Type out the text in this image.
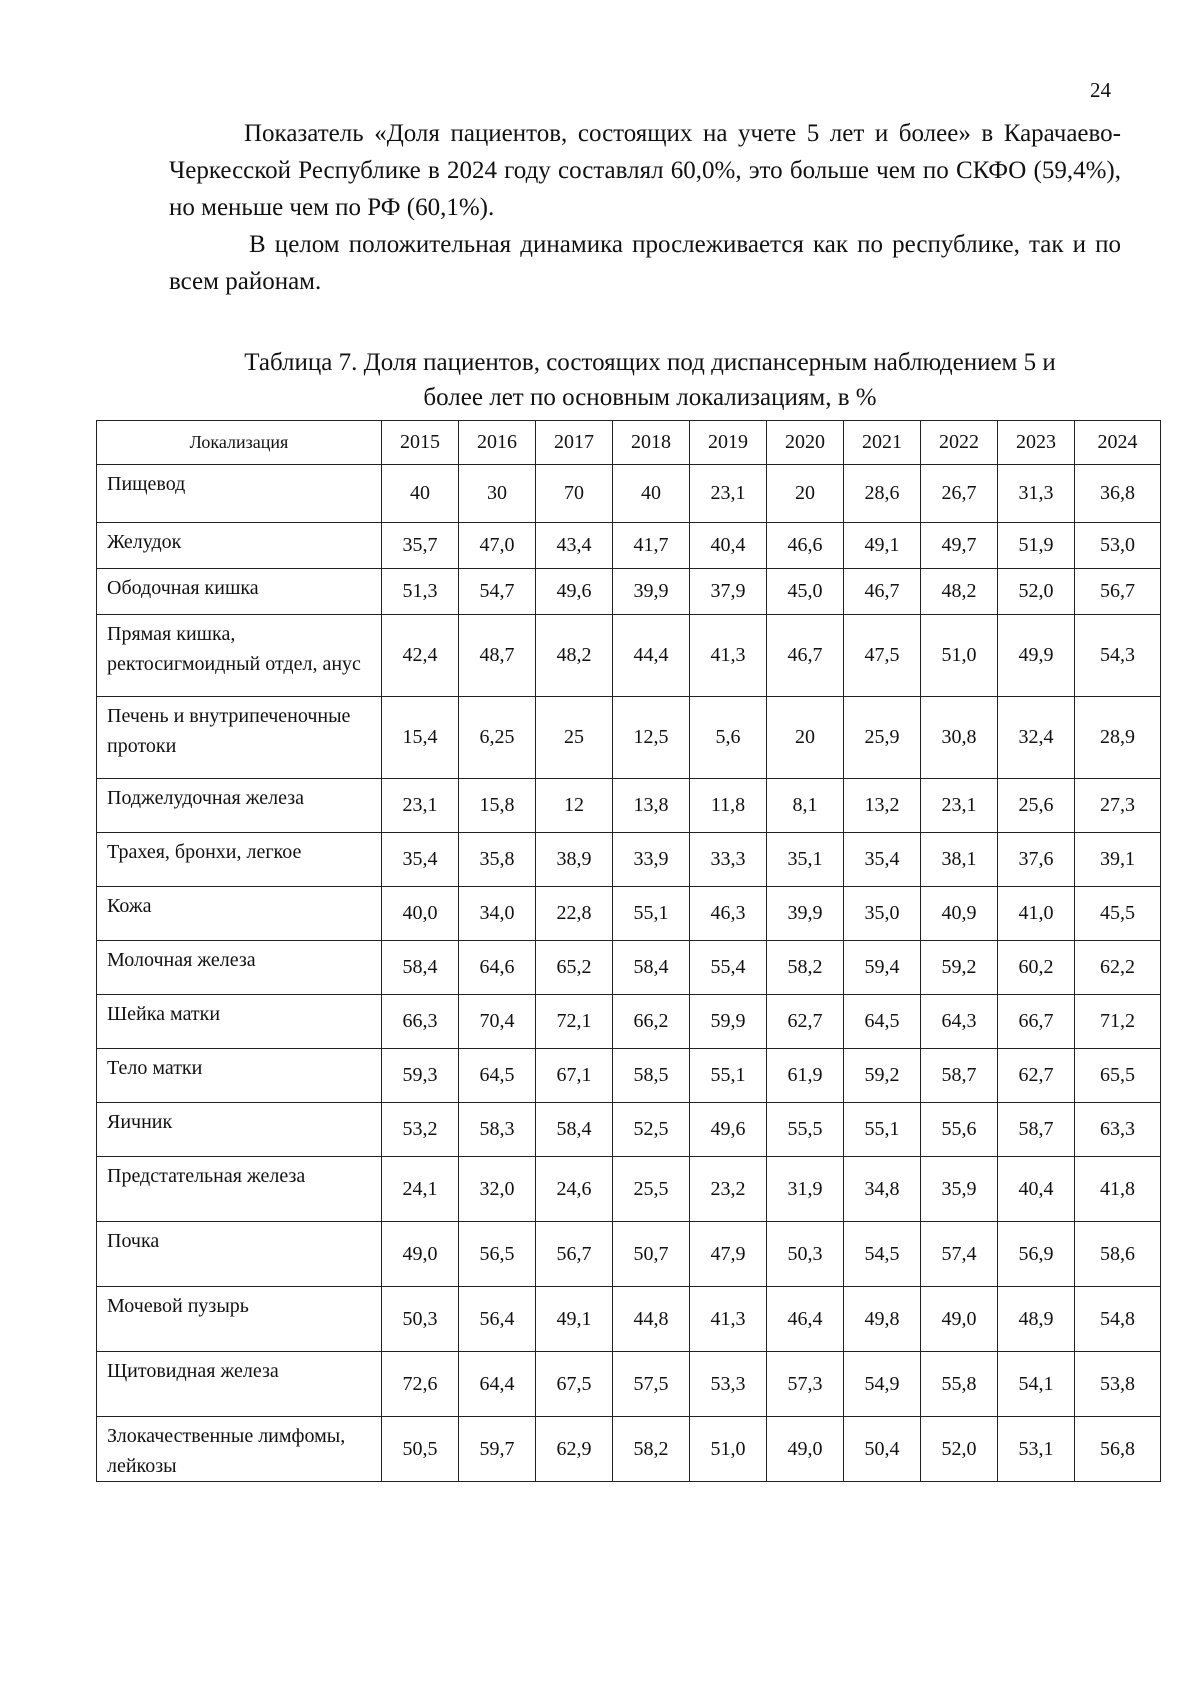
24

Показатель «Доля пациентов, состоящих на учете 5 лет и более» в Карачаево-Черкесской Республике в 2024 году составлял 60,0%, это больше чем по СКФО (59,4%), но меньше чем по РФ (60,1%).

В целом положительная динамика прослеживается как по республике, так и по всем районам.

Таблица 7. Доля пациентов, состоящих под диспансерным наблюдением 5 и
более лет по основным локализациям, в %
Локализация	2015	2016	2017	2018	2019	2020	2021	2022	2023	2024
Пищевод	40	30	70	40	23,1	20	28,6	26,7	31,3	36,8
Желудок	35,7	47,0	43,4	41,7	40,4	46,6	49,1	49,7	51,9	53,0
Ободочная кишка	51,3	54,7	49,6	39,9	37,9	45,0	46,7	48,2	52,0	56,7
Прямая кишка, ректосигмоидный отдел, анус	42,4	48,7	48,2	44,4	41,3	46,7	47,5	51,0	49,9	54,3
Печень и внутрипеченочные протоки	15,4	6,25	25	12,5	5,6	20	25,9	30,8	32,4	28,9
Поджелудочная железа	23,1	15,8	12	13,8	11,8	8,1	13,2	23,1	25,6	27,3
Трахея, бронхи, легкое	35,4	35,8	38,9	33,9	33,3	35,1	35,4	38,1	37,6	39,1
Кожа	40,0	34,0	22,8	55,1	46,3	39,9	35,0	40,9	41,0	45,5
Молочная железа	58,4	64,6	65,2	58,4	55,4	58,2	59,4	59,2	60,2	62,2
Шейка матки	66,3	70,4	72,1	66,2	59,9	62,7	64,5	64,3	66,7	71,2
Тело матки	59,3	64,5	67,1	58,5	55,1	61,9	59,2	58,7	62,7	65,5
Яичник	53,2	58,3	58,4	52,5	49,6	55,5	55,1	55,6	58,7	63,3
Предстательная железа	24,1	32,0	24,6	25,5	23,2	31,9	34,8	35,9	40,4	41,8
Почка	49,0	56,5	56,7	50,7	47,9	50,3	54,5	57,4	56,9	58,6
Мочевой пузырь	50,3	56,4	49,1	44,8	41,3	46,4	49,8	49,0	48,9	54,8
Щитовидная железа	72,6	64,4	67,5	57,5	53,3	57,3	54,9	55,8	54,1	53,8
Злокачественные лимфомы, лейкозы	50,5	59,7	62,9	58,2	51,0	49,0	50,4	52,0	53,1	56,8
